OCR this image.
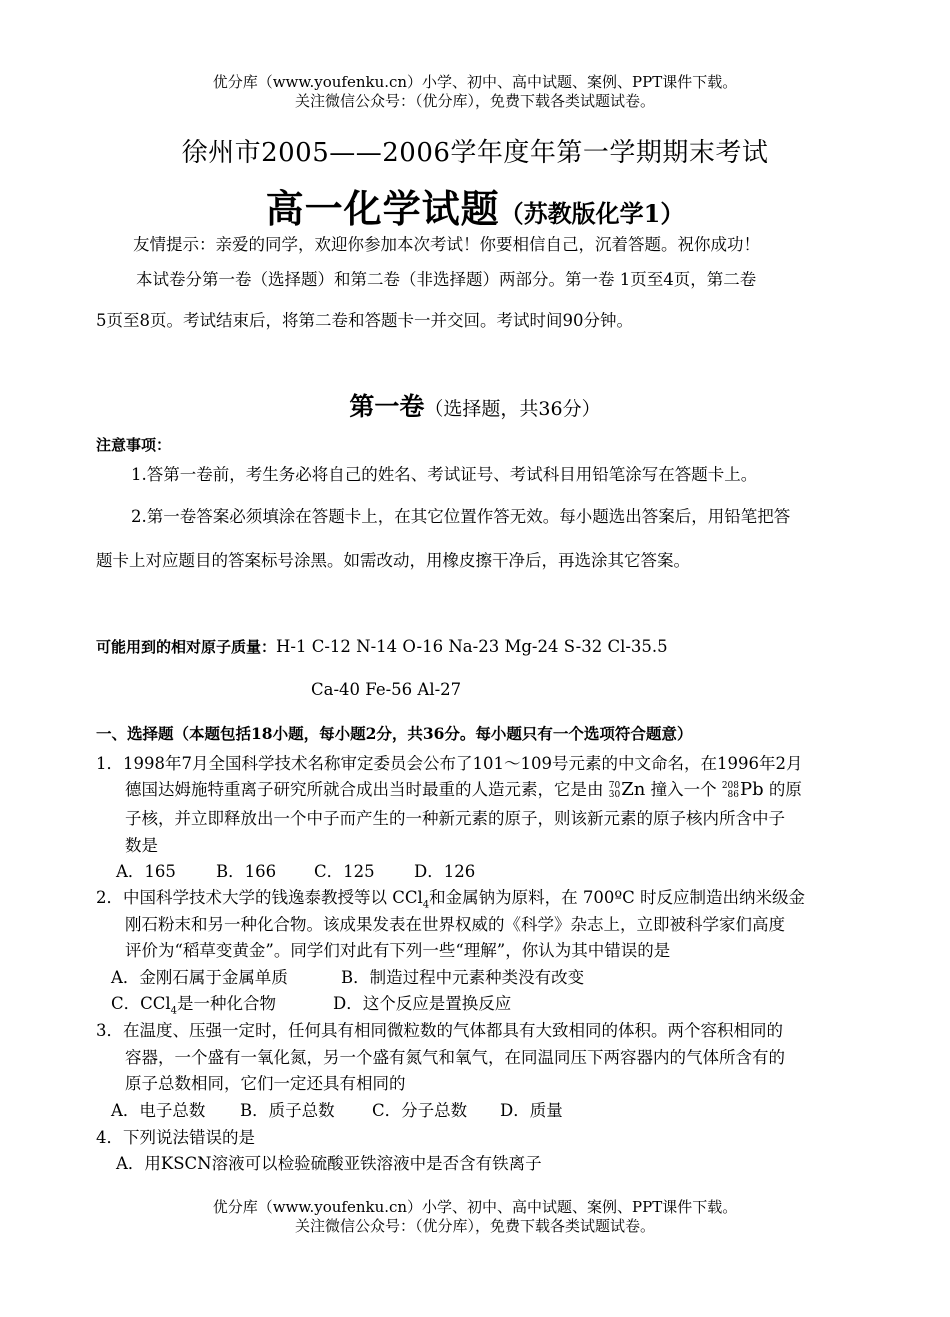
优分库（www.youfenku.cn）小学、初中、高中试题、案例、PPT课件下载。
关注微信公众号：（优分库），免费下载各类试题试卷。
徐州市2005——2006学年度年第一学期期末考试
高一化学试题（苏教版化学1）
友情提示：亲爱的同学，欢迎你参加本次考试！你要相信自己，沉着答题。祝你成功！
本试卷分第一卷（选择题）和第二卷（非选择题）两部分。第一卷 1页至4页，第二卷
5页至8页。考试结束后，将第二卷和答题卡一并交回。考试时间90分钟。
第一卷（选择题，共36分）
注意事项：
1.答第一卷前，考生务必将自己的姓名、考试证号、考试科目用铅笔涂写在答题卡上。
2.第一卷答案必须填涂在答题卡上，在其它位置作答无效。每小题选出答案后，用铅笔把答
题卡上对应题目的答案标号涂黑。如需改动，用橡皮擦干净后，再选涂其它答案。
可能用到的相对原子质量：H-1 C-12 N-14 O-16 Na-23 Mg-24 S-32 Cl-35.5
Ca-40 Fe-56 Al-27
一、选择题（本题包括18小题，每小题2分，共36分。每小题只有一个选项符合题意）
1．1998年7月全国科学技术名称审定委员会公布了101～109号元素的中文命名，在1996年2月
德国达姆施特重离子研究所就合成出当时最重的人造元素，它是由 70
30 Zn 撞入一个 208
86 Pb 的原
子核，并立即释放出一个中子而产生的一种新元素的原子，则该新元素的原子核内所含中子
数是
A．165 B．166 C．125 D．126
2．中国科学技术大学的钱逸泰教授等以 CCl$_4$和金属钠为原料，在 700ºC 时反应制造出纳米级金
刚石粉末和另一种化合物。该成果发表在世界权威的《科学》杂志上，立即被科学家们高度
评价为“稻草变黄金”。同学们对此有下列一些“理解”，你认为其中错误的是
A．金刚石属于金属单质	B．制造过程中元素种类没有改变
C．CCl$_4$是一种化合物	D．这个反应是置换反应
3．在温度、压强一定时，任何具有相同微粒数的气体都具有大致相同的体积。两个容积相同的
容器，一个盛有一氧化氮，另一个盛有氮气和氧气，在同温同压下两容器内的气体所含有的
原子总数相同，它们一定还具有相同的
A．电子总数 B．质子总数 C．分子总数 D．质量
4．下列说法错误的是
A．用KSCN溶液可以检验硫酸亚铁溶液中是否含有铁离子
优分库（www.youfenku.cn）小学、初中、高中试题、案例、PPT课件下载。
关注微信公众号：（优分库），免费下载各类试题试卷。
